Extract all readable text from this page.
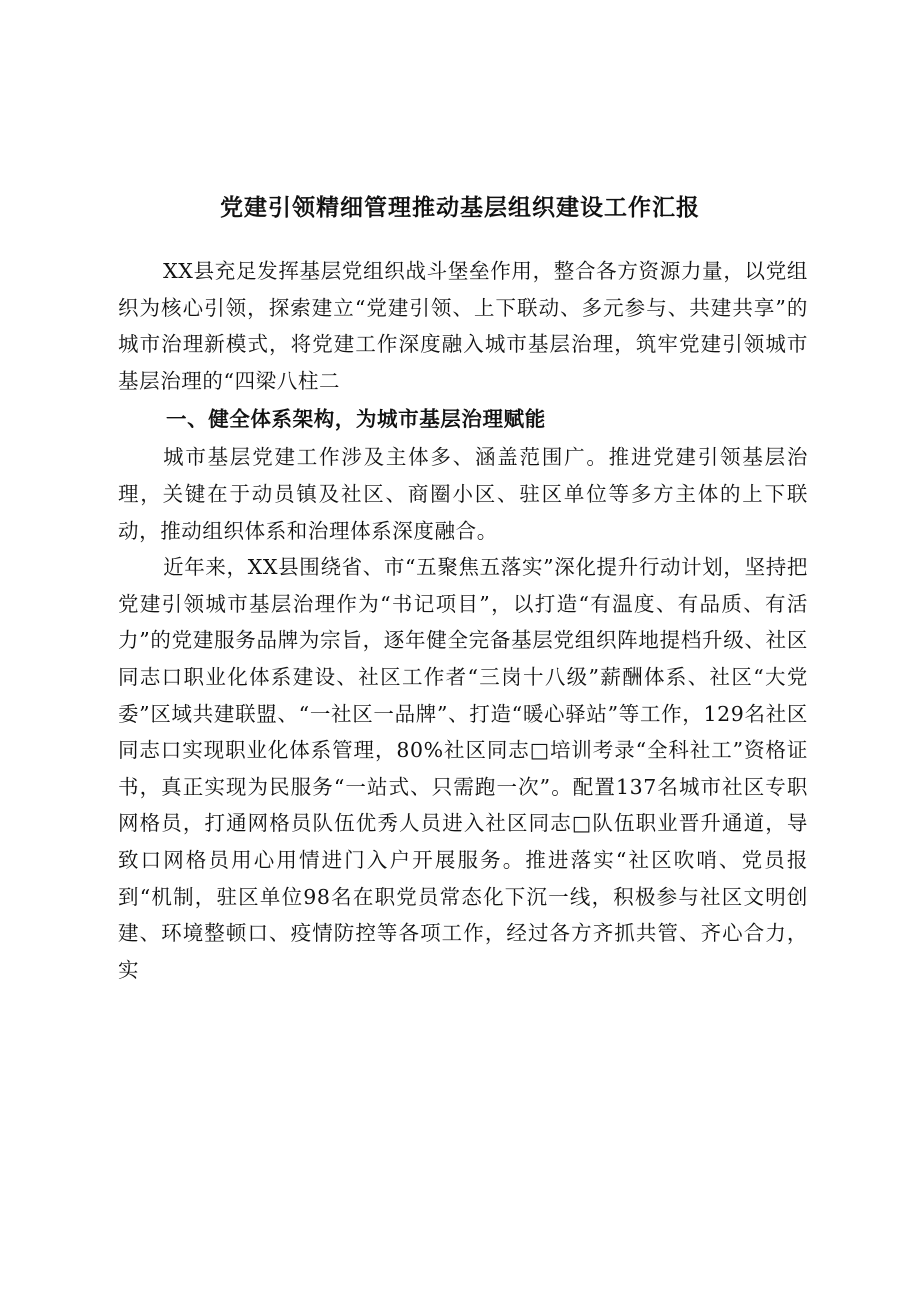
党建引领精细管理推动基层组织建设工作汇报

XX县充足发挥基层党组织战斗堡垒作用，整合各方资源力量，以党组织为核心引领，探索建立“党建引领、上下联动、多元参与、共建共享”的城市治理新模式，将党建工作深度融入城市基层治理，筑牢党建引领城市基层治理的“四梁八柱二

一、健全体系架构，为城市基层治理赋能

城市基层党建工作涉及主体多、涵盖范围广。推进党建引领基层治理，关键在于动员镇及社区、商圈小区、驻区单位等多方主体的上下联动，推动组织体系和治理体系深度融合。

近年来，XX县围绕省、市“五聚焦五落实”深化提升行动计划，坚持把党建引领城市基层治理作为“书记项目”，以打造“有温度、有品质、有活力”的党建服务品牌为宗旨，逐年健全完备基层党组织阵地提档升级、社区同志口职业化体系建设、社区工作者“三岗十八级”薪酬体系、社区“大党委”区域共建联盟、“一社区一品牌”、打造“暖心驿站”等工作，129名社区同志口实现职业化体系管理，80%社区同志□培训考录“全科社工”资格证书，真正实现为民服务“一站式、只需跑一次”。配置137名城市社区专职网格员，打通网格员队伍优秀人员进入社区同志□队伍职业晋升通道，导致口网格员用心用情进门入户开展服务。推进落实“社区吹哨、党员报到“机制，驻区单位98名在职党员常态化下沉一线，积极参与社区文明创建、环境整顿口、疫情防控等各项工作，经过各方齐抓共管、齐心合力，实
